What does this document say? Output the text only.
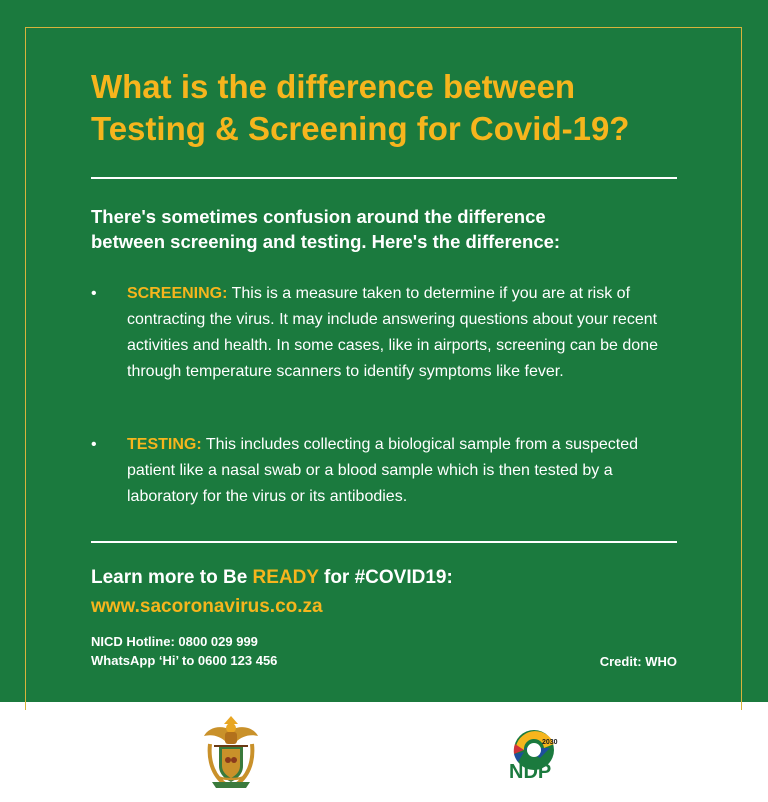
What is the difference between
Testing & Screening for Covid-19?
There's sometimes confusion around the difference
between screening and testing. Here's the difference:
• SCREENING: This is a measure taken to determine if you are at risk of contracting the virus. It may include answering questions about your recent activities and health. In some cases, like in airports, screening can be done through temperature scanners to identify symptoms like fever.
• TESTING: This includes collecting a biological sample from a suspected patient like a nasal swab or a blood sample which is then tested by a laboratory for the virus or its antibodies.
Learn more to Be READY for #COVID19:
www.sacoronavirus.co.za
NICD Hotline: 0800 029 999
WhatsApp ‘Hi’ to 0600 123 456	Credit: WHO
2030
NDP
